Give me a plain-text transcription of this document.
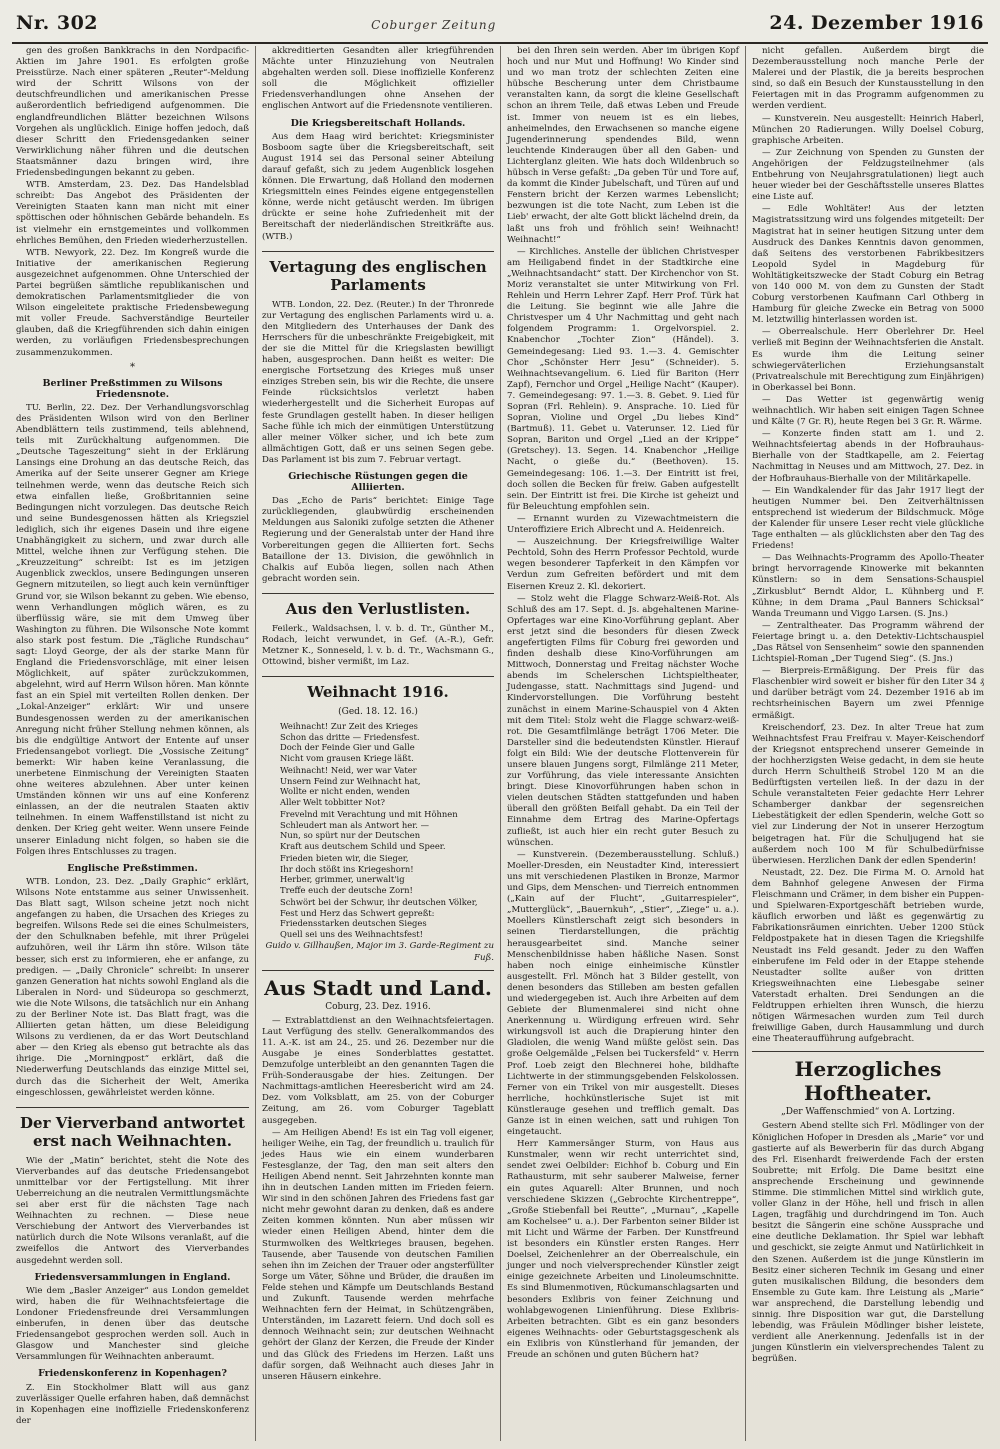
Nr. 302	Coburger Zeitung	24. Dezember 1916

gen des großen Bankkrachs in den Nordpacific-Aktien im Jahre 1901. Es erfolgten große Preisstürze. Nach einer späteren „Reuter“-Meldung wird der Schritt Wilsons von der deutschfreundlichen und amerikanischen Presse außerordentlich befriedigend aufgenommen. Die englandfreundlichen Blätter bezeichnen Wilsons Vorgehen als unglücklich. Einige hoffen jedoch, daß dieser Schritt den Friedensgedanken seiner Verwirklichung näher führen und die deutschen Staatsmänner dazu bringen wird, ihre Friedensbedingungen bekannt zu geben.

WTB. Amsterdam, 23. Dez. Das Handelsblad schreibt: Das Angebot des Präsidenten der Vereinigten Staaten kann man nicht mit einer spöttischen oder höhnischen Gebärde behandeln. Es ist vielmehr ein ernstgemeintes und vollkommen ehrliches Bemühen, den Frieden wiederherzustellen.

WTB. Newyork, 22. Dez. Im Kongreß wurde die Initiative der amerikanischen Regierung ausgezeichnet aufgenommen. Ohne Unterschied der Partei begrüßen sämtliche republikanischen und demokratischen Parlamentsmitglieder die von Wilson eingeleitete praktische Friedensbewegung mit voller Freude. Sachverständige Beurteiler glauben, daß die Kriegführenden sich dahin einigen werden, zu vorläufigen Friedensbesprechungen zusammenzukommen.

*
Berliner Preßstimmen zu Wilsons Friedensnote.

TU. Berlin, 22. Dez. Der Verhandlungsvorschlag des Präsidenten Wilson wird von den Berliner Abendblättern teils zustimmend, teils ablehnend, teils mit Zurückhaltung aufgenommen. Die „Deutsche Tageszeitung“ sieht in der Erklärung Lansings eine Drohung an das deutsche Reich, das Amerika auf der Seite unserer Gegner am Kriege teilnehmen werde, wenn das deutsche Reich sich etwa einfallen ließe, Großbritannien seine Bedingungen nicht vorzulegen. Das deutsche Reich und seine Bundesgenossen hätten als Kriegsziel lediglich, sich ihr eigenes Dasein und ihre eigene Unabhängigkeit zu sichern, und zwar durch alle Mittel, welche ihnen zur Verfügung stehen. Die „Kreuzzeitung“ schreibt: Ist es im jetzigen Augenblick zwecklos, unsere Bedingungen unseren Gegnern mitzuteilen, so liegt auch kein vernünftiger Grund vor, sie Wilson bekannt zu geben. Wie ebenso, wenn Verhandlungen möglich wären, es zu überflüssig wäre, sie mit dem Umweg über Washington zu führen. Die Wilsonsche Note kommt also stark post festum. Die „Tägliche Rundschau“ sagt: Lloyd George, der als der starke Mann für England die Friedensvorschläge, mit einer leisen Möglichkeit, auf später zurückzukommen, abgelehnt, wird auf Herrn Wilson hören. Man könnte fast an ein Spiel mit verteilten Rollen denken. Der „Lokal-Anzeiger“ erklärt: Wir und unsere Bundesgenossen werden zu der amerikanischen Anregung nicht früher Stellung nehmen können, als bis die endgültige Antwort der Entente auf unser Friedensangebot vorliegt. Die „Vossische Zeitung“ bemerkt: Wir haben keine Veranlassung, die unerbetene Einmischung der Vereinigten Staaten ohne weiteres abzulehnen. Aber unter keinen Umständen können wir uns auf eine Konferenz einlassen, an der die neutralen Staaten aktiv teilnehmen. In einem Waffenstillstand ist nicht zu denken. Der Krieg geht weiter. Wenn unsere Feinde unserer Einladung nicht folgen, so haben sie die Folgen ihres Entschlusses zu tragen.

Englische Preßstimmen.

WTB. London, 23. Dez. „Daily Graphic“ erklärt, Wilsons Note entstamme aus seiner Unwissenheit. Das Blatt sagt, Wilson scheine jetzt noch nicht angefangen zu haben, die Ursachen des Krieges zu begreifen. Wilsons Rede sei die eines Schulmeisters, der den Schulknaben befehle, mit ihrer Prügelei aufzuhören, weil ihr Lärm ihn störe. Wilson täte besser, sich erst zu informieren, ehe er anfange, zu predigen. — „Daily Chronicle“ schreibt: In unserer ganzen Generation hat nichts sowohl England als die Liberalen in Nord- und Südeuropa so geschmerzt, wie die Note Wilsons, die tatsächlich nur ein Anhang zu der Berliner Note ist. Das Blatt fragt, was die Alliierten getan hätten, um diese Beleidigung Wilsons zu verdienen, da er das Wort Deutschland aber — den Krieg als ebenso gut betrachte als das ihrige. Die „Morningpost“ erklärt, daß die Niederwerfung Deutschlands das einzige Mittel sei, durch das die Sicherheit der Welt, Amerika eingeschlossen, gewährleistet werden könne.

Der Vierverband antwortet erst nach Weihnachten.

Wie der „Matin“ berichtet, steht die Note des Vierverbandes auf das deutsche Friedensangebot unmittelbar vor der Fertigstellung. Mit ihrer Ueberreichung an die neutralen Vermittlungsmächte sei aber erst für die nächsten Tage nach Weihnachten zu rechnen. — Diese neue Verschiebung der Antwort des Vierverbandes ist natürlich durch die Note Wilsons veranlaßt, auf die zweifellos die Antwort des Vierverbandes ausgedehnt werden soll.

Friedensversammlungen in England.

Wie dem „Basler Anzeiger“ aus London gemeldet wird, haben die für Weihnachtsfeiertage die Londoner Friedensfreunde drei Versammlungen einberufen, in denen über das deutsche Friedensangebot gesprochen werden soll. Auch in Glasgow und Manchester sind gleiche Versammlungen für Weihnachten anberaumt.

Friedenskonferenz in Kopenhagen?

Z. Ein Stockholmer Blatt will aus ganz zuverlässiger Quelle erfahren haben, daß demnächst in Kopenhagen eine inoffizielle Friedenskonferenz der

akkreditierten Gesandten aller kriegführenden Mächte unter Hinzuziehung von Neutralen abgehalten werden soll. Diese inoffizielle Konferenz soll die Möglichkeit offizieller Friedensverhandlungen ohne Ansehen der englischen Antwort auf die Friedensnote ventilieren.

Die Kriegsbereitschaft Hollands.

Aus dem Haag wird berichtet: Kriegsminister Bosboom sagte über die Kriegsbereitschaft, seit August 1914 sei das Personal seiner Abteilung darauf gefaßt, sich zu jedem Augenblick losgehen können. Die Erwartung, daß Holland den modernen Kriegsmitteln eines Feindes eigene entgegenstellen könne, werde nicht getäuscht werden. Im übrigen drückte er seine hohe Zufriedenheit mit der Bereitschaft der niederländischen Streitkräfte aus. (WTB.)

Vertagung des englischen Parlaments

WTB. London, 22. Dez. (Reuter.) In der Thronrede zur Vertagung des englischen Parlaments wird u. a. den Mitgliedern des Unterhauses der Dank des Herrschers für die unbeschränkte Freigebigkeit, mit der sie die Mittel für die Kriegslasten bewilligt haben, ausgesprochen. Dann heißt es weiter: Die energische Fortsetzung des Krieges muß unser einziges Streben sein, bis wir die Rechte, die unsere Feinde rücksichtslos verletzt haben wiederhergestellt und die Sicherheit Europas auf feste Grundlagen gestellt haben. In dieser heiligen Sache fühle ich mich der einmütigen Unterstützung aller meiner Völker sicher, und ich bete zum allmächtigen Gott, daß er uns seinen Segen gebe. Das Parlament ist bis zum 7. Februar vertagt.

Griechische Rüstungen gegen die Alliierten.

Das „Echo de Paris“ berichtet: Einige Tage zurückliegenden, glaubwürdig erscheinenden Meldungen aus Saloniki zufolge setzten die Athener Regierung und der Generalstab unter der Hand ihre Vorbereitungen gegen die Alliierten fort. Sechs Bataillone der 13. Division, die gewöhnlich in Chalkis auf Euböa liegen, sollen nach Athen gebracht worden sein.

Aus den Verlustlisten.

Feilerk., Waldsachsen, l. v. b. d. Tr., Günther M., Rodach, leicht verwundet, in Gef. (A.-R.), Gefr. Metzner K., Sonneseld, l. v. b. d. Tr., Wachsmann G., Ottowind, bisher vermißt, im Laz.

Weihnacht 1916.
(Ged. 18. 12. 16.)
Weihnacht! Zur Zeit des Krieges
Schon das dritte — Friedensfest.
Doch der Feinde Gier und Galle
Nicht vom grausen Kriege läßt.
Weihnacht! Neid, wer war Vater
Unsern Feind zur Weihnacht hat,
Wollte er nicht enden, wenden
Aller Welt tobbitter Not?
Frevelnd mit Verachtung und mit Höhnen
Schleudert man als Antwort her. —
Nun, so spürt nur der Deutschen
Kraft aus deutschem Schild und Speer.
Frieden bieten wir, die Sieger,
Ihr doch stößt ins Kriegeshorn!
Herber, grimmer, unerwalt'ig
Treffe euch der deutsche Zorn!
Schwört bei der Schwur, ihr deutschen Völker,
Fest und Herz das Schwert gepreßt:
Friedensstarken deutschen Sieges
Quell sei uns des Weihnachtsfest!
Guido v. Gillhaußen, Major im 3. Garde-Regiment zu Fuß.
Aus Stadt und Land.
Coburg, 23. Dez. 1916.

— Extrablattdienst an den Weihnachtsfeiertagen. Laut Verfügung des stellv. Generalkommandos des 11. A.-K. ist am 24., 25. und 26. Dezember nur die Ausgabe je eines Sonderblattes gestattet. Demzufolge unterbleibt an den genannten Tagen die Früh-Sonderausgabe der hies. Zeitungen. Der Nachmittags-amtlichen Heeresbericht wird am 24. Dez. vom Volksblatt, am 25. von der Coburger Zeitung, am 26. vom Coburger Tageblatt ausgegeben.

— Am Heiligen Abend! Es ist ein Tag voll eigener, heiliger Weihe, ein Tag, der freundlich u. traulich für jedes Haus wie ein einem wunderbaren Festesglanze, der Tag, den man seit alters den Heiligen Abend nennt. Seit Jahrzehnten konnte man ihn in deutschen Landen mitten im Frieden feiern. Wir sind in den schönen Jahren des Friedens fast gar nicht mehr gewohnt daran zu denken, daß es andere Zeiten kommen könnten. Nun aber müssen wir wieder einen Heiligen Abend, hinter dem die Sturmwolken des Weltkrieges brausen, begehen. Tausende, aber Tausende von deutschen Familien sehen ihn im Zeichen der Trauer oder angsterfüllter Sorge um Väter, Söhne und Brüder, die draußen im Felde stehen und Kämpfe um Deutschlands Bestand und Zukunft. Tausende werden mehrfache Weihnachten fern der Heimat, in Schützengräben, Unterständen, im Lazarett feiern. Und doch soll es dennoch Weihnacht sein; zur deutschen Weihnacht gehört der Glanz der Kerzen, die Freude der Kinder und das Glück des Friedens im Herzen. Laßt uns dafür sorgen, daß Weihnacht auch dieses Jahr in unseren Häusern einkehre.

bei den Ihren sein werden. Aber im übrigen Kopf hoch und nur Mut und Hoffnung! Wo Kinder sind und wo man trotz der schlechten Zeiten eine hübsche Bescherung unter dem Christbaume veranstalten kann, da sorgt die kleine Gesellschaft schon an ihrem Teile, daß etwas Leben und Freude ist. Immer von neuem ist es ein liebes, anheimelndes, den Erwachsenen so manche eigene Jugenderinnerung spendendes Bild, wenn leuchtende Kinderaugen über all den Gaben- und Lichterglanz gleiten. Wie hats doch Wildenbruch so hübsch in Verse gefaßt: „Da geben Tür und Tore auf, da kommt die Kinder Jubelschaft, und Türen auf und Fenstern bricht der Kerzen warmes Lebenslicht; bezwungen ist die tote Nacht, zum Leben ist die Lieb' erwacht, der alte Gott blickt lächelnd drein, da laßt uns froh und fröhlich sein! Weihnacht! Weihnacht!“

— Kirchliches. Anstelle der üblichen Christvesper am Heiligabend findet in der Stadtkirche eine „Weihnachtsandacht“ statt. Der Kirchenchor von St. Moriz veranstaltet sie unter Mitwirkung von Frl. Rehlein und Herrn Lehrer Zapf. Herr Prof. Türk hat die Leitung. Sie beginnt wie alle Jahre die Christvesper um 4 Uhr Nachmittag und geht nach folgendem Programm: 1. Orgelvorspiel. 2. Knabenchor „Tochter Zion“ (Händel). 3. Gemeindegesang: Lied 93. 1.—3. 4. Gemischter Chor „Schönster Herr Jesu“ (Schneider). 5. Weihnachtsevangelium. 6. Lied für Bariton (Herr Zapf), Fernchor und Orgel „Heilige Nacht“ (Kauper). 7. Gemeindegesang: 97. 1.—3. 8. Gebet. 9. Lied für Sopran (Frl. Rehlein). 9. Ansprache. 10. Lied für Sopran, Violine und Orgel „Du liebes Kind“ (Bartmuß). 11. Gebet u. Vaterunser. 12. Lied für Sopran, Bariton und Orgel „Lied an der Krippe“ (Gretschey). 13. Segen. 14. Knabenchor „Heilige Nacht, o gieße du.“ (Beethoven). 15. Gemeindegesang: 106. 1.—3. Der Eintritt ist frei, doch sollen die Becken für freiw. Gaben aufgestellt sein. Der Eintritt ist frei. Die Kirche ist geheizt und für Beleuchtung empfohlen sein.

— Ernannt wurden zu Vizewachtmeistern die Unteroffiziere Erich Albrecht und A. Heidenreich.

— Auszeichnung. Der Kriegsfreiwillige Walter Pechtold, Sohn des Herrn Professor Pechtold, wurde wegen besonderer Tapferkeit in den Kämpfen vor Verdun zum Gefreiten befördert und mit dem Eisernen Kreuz 2. Kl. dekoriert.

— Stolz weht die Flagge Schwarz-Weiß-Rot. Als Schluß des am 17. Sept. d. Js. abgehaltenen Marine-Opfertages war eine Kino-Vorführung geplant. Aber erst jetzt sind die besonders für diesen Zweck angefertigten Films für Coburg frei geworden und finden deshalb diese Kino-Vorführungen am Mittwoch, Donnerstag und Freitag nächster Woche abends im Schelerschen Lichtspieltheater, Judengasse, statt. Nachmittags sind Jugend- und Kindervorstellungen. Die Vorführung besteht zunächst in einem Marine-Schauspiel von 4 Akten mit dem Titel: Stolz weht die Flagge schwarz-weiß-rot. Die Gesamtfilmlänge beträgt 1706 Meter. Die Darsteller sind die bedeutendsten Künstler. Hierauf folgt ein Bild: Wie der deutsche Flottenverein für unsere blauen Jungens sorgt, Filmlänge 211 Meter, zur Vorführung, das viele interessante Ansichten bringt. Diese Kinovorführungen haben schon in vielen deutschen Städten stattgefunden und haben überall den größten Beifall gehabt. Da ein Teil der Einnahme dem Ertrag des Marine-Opfertags zufließt, ist auch hier ein recht guter Besuch zu wünschen.

— Kunstverein. (Dezemberausstellung. Schluß.) Moeller-Dresden, ein Neustadter Kind, interessiert uns mit verschiedenen Plastiken in Bronze, Marmor und Gips, dem Menschen- und Tierreich entnommen („Kain auf der Flucht“, „Guitarrespieler“, „Mutterglück“, „Bauernkuh“, „Stier“, „Ziege“ u. a.). Moellers Künstlerschaft zeigt sich besonders in seinen Tierdarstellungen, die prächtig herausgearbeitet sind. Manche seiner Menschenbildnisse haben häßliche Nasen. Sonst haben noch einige einheimische Künstler ausgestellt. Frl. Mönch hat 3 Bilder gestellt, von denen besonders das Stilleben am besten gefallen und wiedergegeben ist. Auch ihre Arbeiten auf dem Gebiete der Blumenmalerei sind nicht ohne Anerkennung u. Würdigung erfreuen wird. Sehr wirkungsvoll ist auch die Drapierung hinter den Gladiolen, die wenig Wand müßte gelöst sein. Das große Oelgemälde „Felsen bei Tuckersfeld“ v. Herrn Prof. Loeb zeigt den Blechnerei hohe, bildhafte Lichtwerte in der stimmungsgebenden Felskolossen. Ferner von ein Trikel von mir ausgestellt. Dieses herrliche, hochkünstlerische Sujet ist mit Künstlerauge gesehen und trefflich gemalt. Das Ganze ist in einen weichen, satt und ruhigen Ton eingetaucht.

Herr Kammersänger Sturm, von Haus aus Kunstmaler, wenn wir recht unterrichtet sind, sendet zwei Oelbilder: Eichhof b. Coburg und Ein Rathausturm, mit sehr sauberer Malweise, ferner ein gutes Aquarell: Alter Brunnen, und noch verschiedene Skizzen („Gebrochte Kirchentreppe“, „Große Stiebenfall bei Reutte“, „Murnau“, „Kapelle am Kochelsee“ u. a.). Der Farbenton seiner Bilder ist mit Licht und Wärme der Farben. Der Kunstfreund ist besonders ein Künstler ersten Ranges. Herr Doelsel, Zeichenlehrer an der Oberrealschule, ein junger und noch vielversprechender Künstler zeigt einige gezeichnete Arbeiten und Linoleumschnitte. Es sind Blumenmotiven, Rückumanschlagsarten und besonders Exlibris von feiner Zeichnung und wohlabgewogenen Linienführung. Diese Exlibris-Arbeiten betrachten. Gibt es ein ganz besonders eigenes Weihnachts- oder Geburtstagsgeschenk als ein Exlibris von Künstlerhand für jemanden, der Freude an schönen und guten Büchern hat?

nicht gefallen. Außerdem birgt die Dezemberausstellung noch manche Perle der Malerei und der Plastik, die ja bereits besprochen sind, so daß ein Besuch der Kunstausstellung in den Feiertagen mit in das Programm aufgenommen zu werden verdient.

— Kunstverein. Neu ausgestellt: Heinrich Haberl, München 20 Radierungen. Willy Doelsel Coburg, graphische Arbeiten.

— Zur Zeichnung von Spenden zu Gunsten der Angehörigen der Feldzugsteilnehmer (als Entbehrung von Neujahrsgratulationen) liegt auch heuer wieder bei der Geschäftsstelle unseres Blattes eine Liste auf.

— Edle Wohltäter! Aus der letzten Magistratssitzung wird uns folgendes mitgeteilt: Der Magistrat hat in seiner heutigen Sitzung unter dem Ausdruck des Dankes Kenntnis davon genommen, daß Seitens des verstorbenen Fabrikbesitzers Leopold Sydel in Magdeburg für Wohltätigkeitszwecke der Stadt Coburg ein Betrag von 140 000 M. von dem zu Gunsten der Stadt Coburg verstorbenen Kaufmann Carl Othberg in Hamburg für gleiche Zwecke ein Betrag von 5000 M. letztwillig hinterlassen worden ist.

— Oberrealschule. Herr Oberlehrer Dr. Heel verließ mit Beginn der Weihnachtsferien die Anstalt. Es wurde ihm die Leitung seiner schwiegerväterlichen Erziehungsanstalt (Privatrealschule mit Berechtigung zum Einjährigen) in Oberkassel bei Bonn.

— Das Wetter ist gegenwärtig wenig weihnachtlich. Wir haben seit einigen Tagen Schnee und Kälte (7 Gr. R), heute Regen bei 3 Gr. R. Wärme.

— Konzerte finden statt am 1. und 2. Weihnachtsfeiertag abends in der Hofbrauhaus-Bierhalle von der Stadtkapelle, am 2. Feiertag Nachmittag in Neuses und am Mittwoch, 27. Dez. in der Hofbrauhaus-Bierhalle von der Militärkapelle.

— Ein Wandkalender für das Jahr 1917 liegt der heutigen Nummer bei. Den Zeitverhältnissen entsprechend ist wiederum der Bildschmuck. Möge der Kalender für unsere Leser recht viele glückliche Tage enthalten — als glücklichsten aber den Tag des Friedens!

— Das Weihnachts-Programm des Apollo-Theater bringt hervorragende Kinowerke mit bekannten Künstlern: so in dem Sensations-Schauspiel „Zirkusblut“ Berndt Aldor, L. Kühnberg und F. Kühne; in dem Drama „Paul Banners Schicksal“ Wanda Treumann und Viggo Larsen. (S. Jns.)

— Zentraltheater. Das Programm während der Feiertage bringt u. a. den Detektiv-Lichtschauspiel „Das Rätsel von Sensenheim“ sowie den spannenden Lichtspiel-Roman „Der Tugend Sieg“. (S. Jns.)

— Bierpreis-Ermäßigung. Der Preis für das Flaschenbier wird soweit er bisher für den Liter 34 ₰ und darüber beträgt vom 24. Dezember 1916 ab im rechtsrheinischen Bayern um zwei Pfennige ermäßigt.

Kreischendorf, 23. Dez. In alter Treue hat zum Weihnachtsfest Frau Freifrau v. Mayer-Keischendorf der Kriegsnot entsprechend unserer Gemeinde in der hochherzigsten Weise gedacht, in dem sie heute durch Herrn Schultheiß Strobel 120 M an die Bedürftigsten verteilen ließ. In der dazu in der Schule veranstalteten Feier gedachte Herr Lehrer Schamberger dankbar der segensreichen Liebestätigkeit der edlen Spenderin, welche Gott so viel zur Linderung der Not in unserer Herzogtum beigetragen hat. Für die Schuljugend hat sie außerdem noch 100 M für Schulbedürfnisse überwiesen. Herzlichen Dank der edlen Spenderin!

Neustadt, 22. Dez. Die Firma M. O. Arnold hat dem Bahnhof gelegene Anwesen der Firma Fleischmann und Crämer, in dem bisher ein Puppen- und Spielwaren-Exportgeschäft betrieben wurde, käuflich erworben und läßt es gegenwärtig zu Fabrikationsräumen einrichten. Ueber 1200 Stück Feldpostpakete hat in diesen Tagen die Kriegshilfe Neustadt ins Feld gesandt. Jeder zu den Waffen einberufene im Feld oder in der Etappe stehende Neustadter sollte außer von dritten Kriegsweihnachten eine Liebesgabe seiner Vaterstadt erhalten. Drei Sendungen an die Feldtruppen erhielten ihren Wunsch, die hierzu nötigen Wärmesachen wurden zum Teil durch freiwillige Gaben, durch Hausammlung und durch eine Theateraufführung aufgebracht.

Herzogliches Hoftheater.
„Der Waffenschmied“ von A. Lortzing.

Gestern Abend stellte sich Frl. Mödlinger von der Königlichen Hofoper in Dresden als „Marie“ vor und gastierte auf als Bewerberin für das durch Abgang des Frl. Eisenhardt freiwerdende Fach der ersten Soubrette; mit Erfolg. Die Dame besitzt eine ansprechende Erscheinung und gewinnende Stimme. Die stimmlichen Mittel sind wirklich gute, voller Glanz in der Höhe, hell und frisch in allen Lagen, tragfähig und durchdringend im Ton. Auch besitzt die Sängerin eine schöne Aussprache und eine deutliche Deklamation. Ihr Spiel war lebhaft und geschickt, sie zeigte Anmut und Natürlichkeit in den Szenen. Außerdem ist die junge Künstlerin im Besitz einer sicheren Technik im Gesang und einer guten musikalischen Bildung, die besonders dem Ensemble zu Gute kam. Ihre Leistung als „Marie“ war ansprechend, die Darstellung lebendig und sinnig. Ihre Disposition war gut, die Darstellung lebendig, was Fräulein Mödlinger bisher leistete, verdient alle Anerkennung. Jedenfalls ist in der jungen Künstlerin ein vielversprechendes Talent zu begrüßen.
